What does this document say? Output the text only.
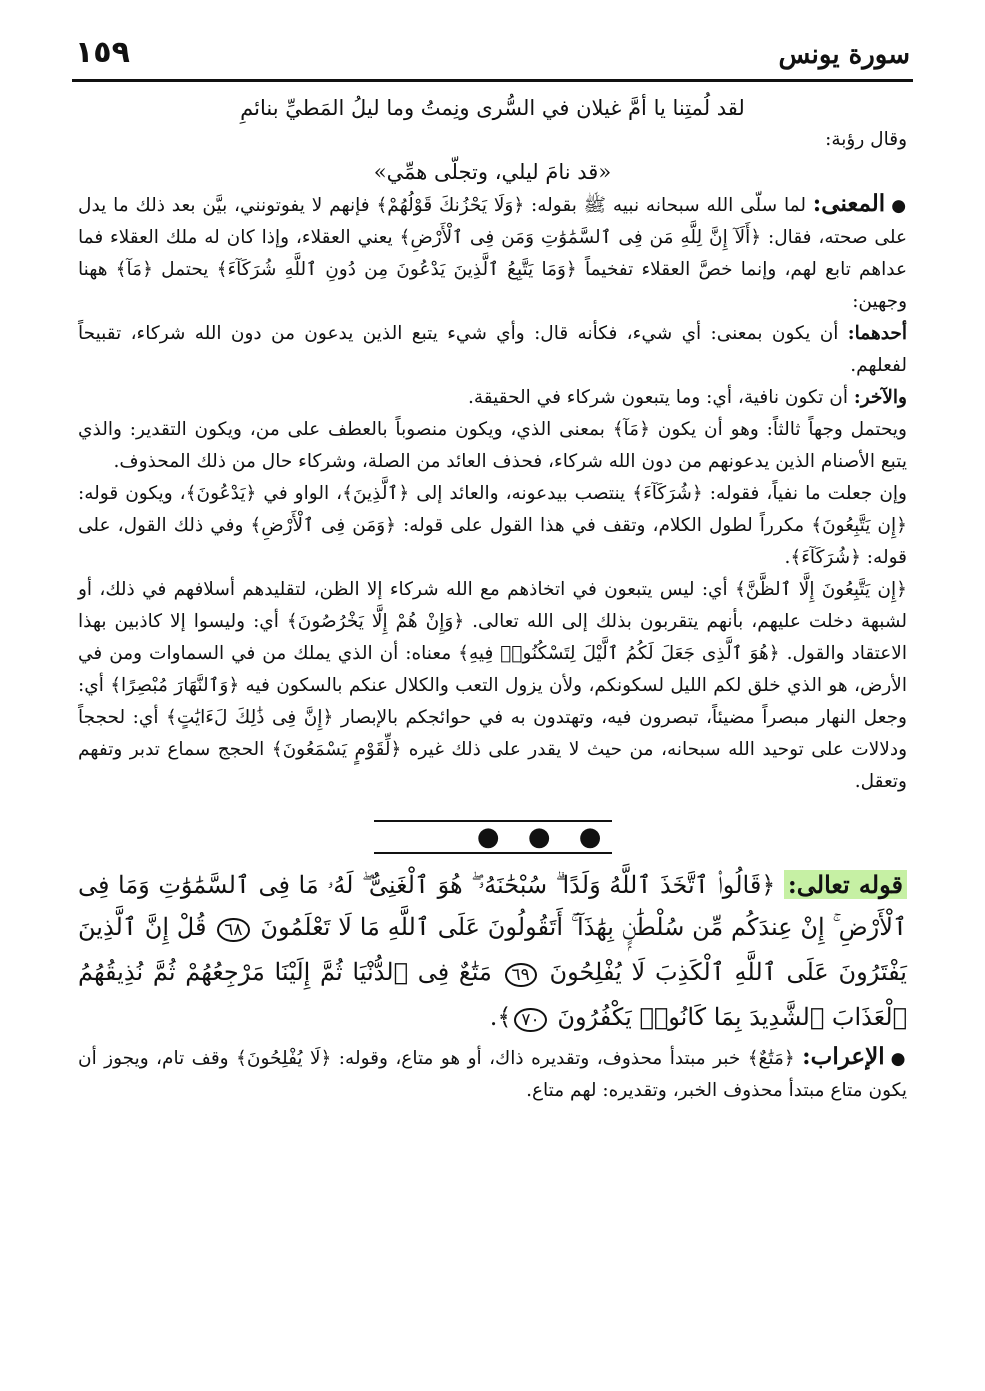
١٥٩	سورة يونس

لقد لُمتِنا يا أمَّ غيلان في السُّرى ونِمتُ وما ليلُ المَطيِّ بنائمِ

وقال رؤبة:

«قد نامَ ليلي، وتجلّى همِّي»

●المعنى: لما سلّى الله سبحانه نبيه ﷺ بقوله: ﴿وَلَا يَحْزُنكَ قَوْلُهُمْ﴾ فإنهم لا يفوتونني، بيَّن بعد ذلك ما يدل على صحته، فقال: ﴿أَلَآ إِنَّ لِلَّهِ مَن فِى ٱلسَّمَٰوَٰتِ وَمَن فِى ٱلْأَرْضِ﴾ يعني العقلاء، وإذا كان له ملك العقلاء فما عداهم تابع لهم، وإنما خصَّ العقلاء تفخيماً ﴿وَمَا يَتَّبِعُ ٱلَّذِينَ يَدْعُونَ مِن دُونِ ٱللَّهِ شُرَكَآءَ﴾ يحتمل ﴿مَآ﴾ ههنا وجهين:

أحدهما: أن يكون بمعنى: أي شيء، فكأنه قال: وأي شيء يتبع الذين يدعون من دون الله شركاء، تقبيحاً لفعلهم.

والآخر: أن تكون نافية، أي: وما يتبعون شركاء في الحقيقة.

ويحتمل وجهاً ثالثاً: وهو أن يكون ﴿مَآ﴾ بمعنى الذي، ويكون منصوباً بالعطف على من، ويكون التقدير: والذي يتبع الأصنام الذين يدعونهم من دون الله شركاء، فحذف العائد من الصلة، وشركاء حال من ذلك المحذوف.

وإن جعلت ما نفياً، فقوله: ﴿شُرَكَآءَ﴾ ينتصب بيدعونه، والعائد إلى ﴿ٱلَّذِينَ﴾، الواو في ﴿يَدْعُونَ﴾، ويكون قوله: ﴿إِن يَتَّبِعُونَ﴾ مكرراً لطول الكلام، وتقف في هذا القول على قوله: ﴿وَمَن فِى ٱلْأَرْضِ﴾ وفي ذلك القول، على قوله: ﴿شُرَكَآءَ﴾.

﴿إِن يَتَّبِعُونَ إِلَّا ٱلظَّنَّ﴾ أي: ليس يتبعون في اتخاذهم مع الله شركاء إلا الظن، لتقليدهم أسلافهم في ذلك، أو لشبهة دخلت عليهم، بأنهم يتقربون بذلك إلى الله تعالى. ﴿وَإِنْ هُمْ إِلَّا يَخْرُصُونَ﴾ أي: وليسوا إلا كاذبين بهذا الاعتقاد والقول. ﴿هُوَ ٱلَّذِى جَعَلَ لَكُمُ ٱلَّيْلَ لِتَسْكُنُوا۟ فِيهِ﴾ معناه: أن الذي يملك من في السماوات ومن في الأرض، هو الذي خلق لكم الليل لسكونكم، ولأن يزول التعب والكلال عنكم بالسكون فيه ﴿وَٱلنَّهَارَ مُبْصِرًا﴾ أي: وجعل النهار مبصراً مضيئاً، تبصرون فيه، وتهتدون به في حوائجكم بالإبصار ﴿إِنَّ فِى ذَٰلِكَ لَءَايَٰتٍ﴾ أي: لحججاً ودلالات على توحيد الله سبحانه، من حيث لا يقدر على ذلك غيره ﴿لِّقَوْمٍ يَسْمَعُونَ﴾ الحجج سماع تدبر وتفهم وتعقل.

● ● ●

قوله تعالى: ﴿قَالُوا۟ ٱتَّخَذَ ٱللَّهُ وَلَدًا ۗ سُبْحَٰنَهُۥ ۖ هُوَ ٱلْغَنِىُّ ۖ لَهُۥ مَا فِى ٱلسَّمَٰوَٰتِ وَمَا فِى ٱلْأَرْضِ ۚ إِنْ عِندَكُم مِّن سُلْطَٰنٍۭ بِهَٰذَآ ۚ أَتَقُولُونَ عَلَى ٱللَّهِ مَا لَا تَعْلَمُونَ ٦٨ قُلْ إِنَّ ٱلَّذِينَ يَفْتَرُونَ عَلَى ٱللَّهِ ٱلْكَذِبَ لَا يُفْلِحُونَ ٦٩ مَتَٰعٌ فِى ٱلدُّنْيَا ثُمَّ إِلَيْنَا مَرْجِعُهُمْ ثُمَّ نُذِيقُهُمُ ٱلْعَذَابَ ٱلشَّدِيدَ بِمَا كَانُوا۟ يَكْفُرُونَ ٧٠﴾.

●الإعراب: ﴿مَتَٰعٌ﴾ خبر مبتدأ محذوف، وتقديره ذاك، أو هو متاع، وقوله: ﴿لَا يُفْلِحُونَ﴾ وقف تام، ويجوز أن يكون متاع مبتدأ محذوف الخبر، وتقديره: لهم متاع.
